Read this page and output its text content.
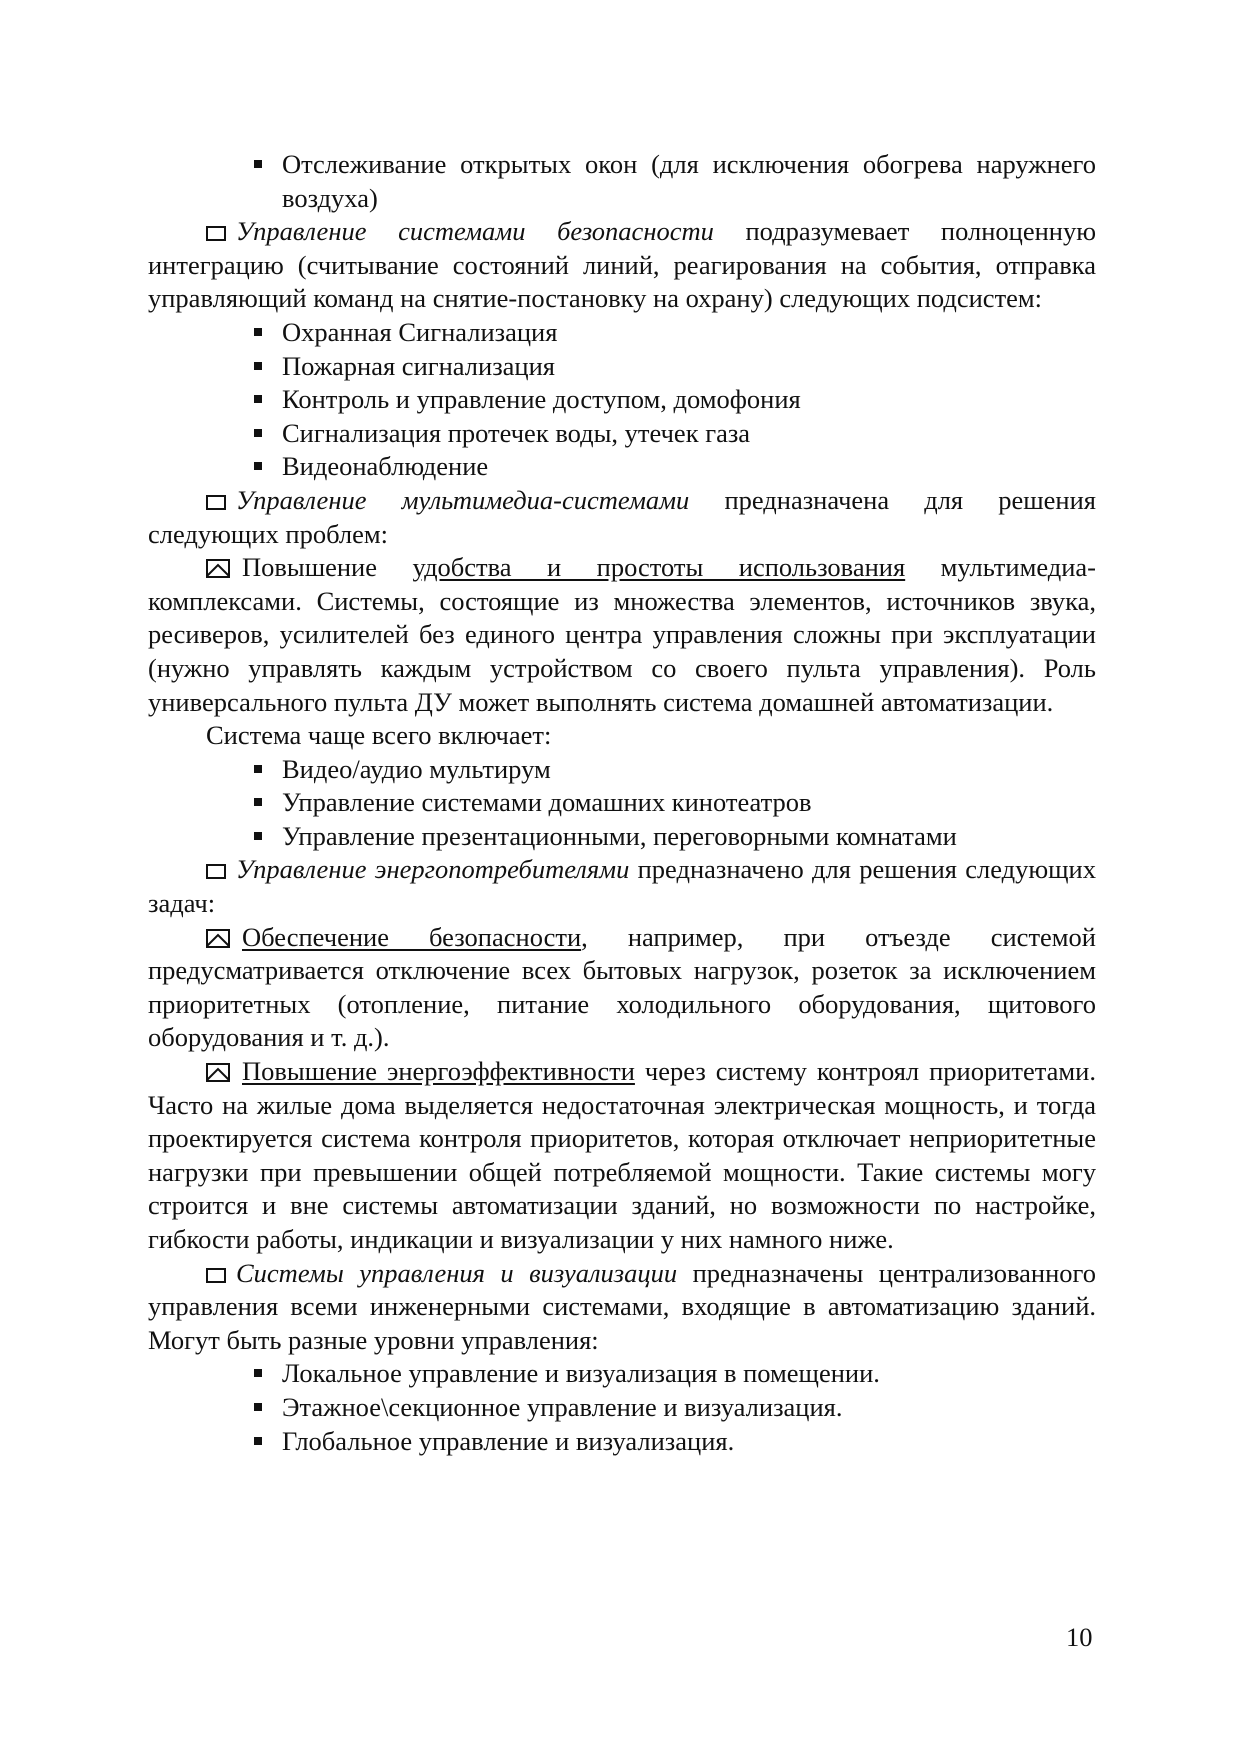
Отслеживание открытых окон (для исключения обогрева наружнего воздуха)

Управление системами безопасности подразумевает полноценную интеграцию (считывание состояний линий, реагирования на события, отправка управляющий команд на снятие-постановку на охрану) следующих подсистем:

Охранная Сигнализация

Пожарная сигнализация

Контроль и управление доступом, домофония

Сигнализация протечек воды, утечек газа

Видеонаблюдение

Управление мультимедиа-системами предназначена для решения следующих проблем:

Повышение удобства и простоты использования мультимедиа-комплексами. Системы, состоящие из множества элементов, источников звука, ресиверов, усилителей без единого центра управления сложны при эксплуатации (нужно управлять каждым устройством со своего пульта управления). Роль универсального пульта ДУ может выполнять система домашней автоматизации.

Система чаще всего включает:

Видео/аудио мультирум

Управление системами домашних кинотеатров

Управление презентационными, переговорными комнатами

Управление энергопотребителями предназначено для решения следующих задач:

Обеспечение безопасности, например, при отъезде системой предусматривается отключение всех бытовых нагрузок, розеток за исключением приоритетных (отопление, питание холодильного оборудования, щитового оборудования и т. д.).

Повышение энергоэффективности через систему контроял приоритетами. Часто на жилые дома выделяется недостаточная электрическая мощность, и тогда проектируется система контроля приоритетов, которая отключает неприоритетные нагрузки при превышении общей потребляемой мощности. Такие системы могу строится и вне системы автоматизации зданий, но возможности по настройке, гибкости работы, индикации и визуализации у них намного ниже.

Системы управления и визуализации предназначены централизованного управления всеми инженерными системами, входящие в автоматизацию зданий. Могут быть разные уровни управления:

Локальное управление и визуализация в помещении.

Этажное\секционное управление и визуализация.

Глобальное управление и визуализация.

10
